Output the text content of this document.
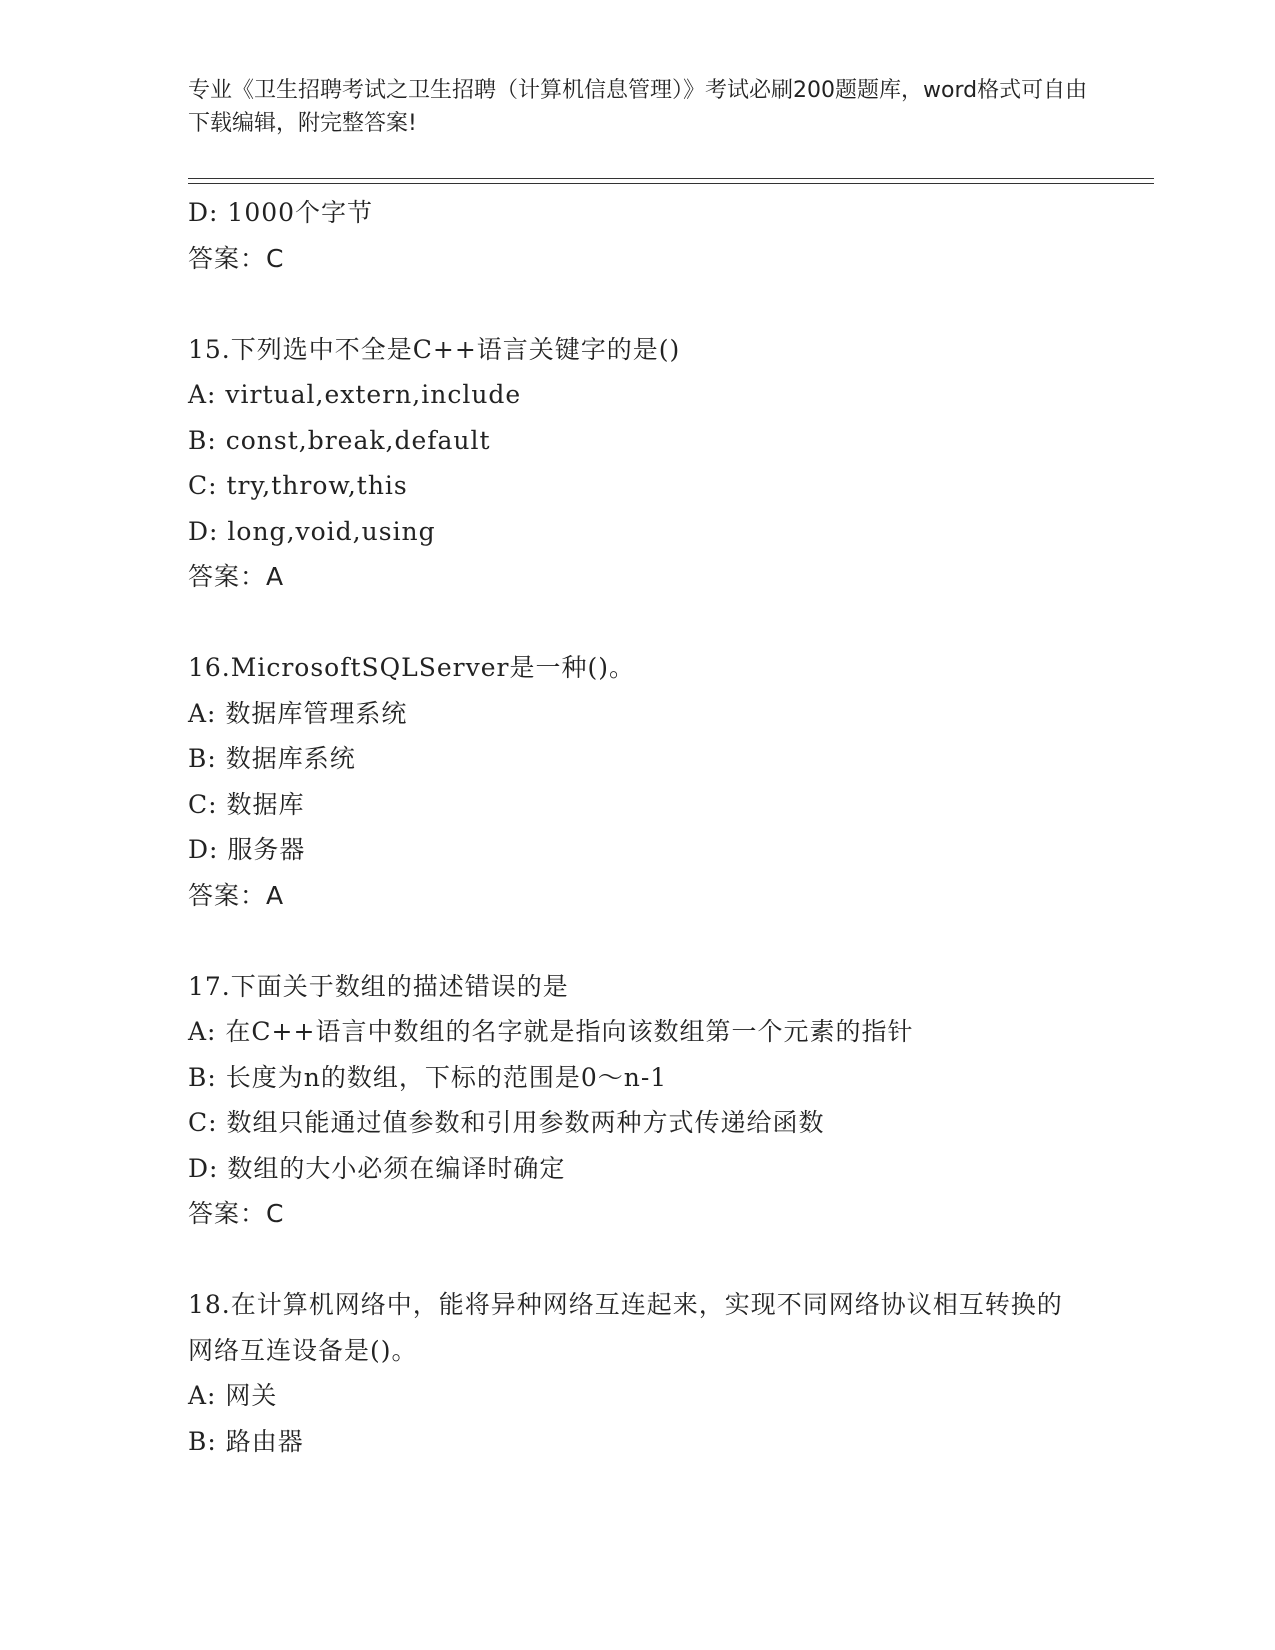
专业《卫生招聘考试之卫生招聘（计算机信息管理）》考试必刷200题题库，word格式可自由下载编辑，附完整答案!
D: 1000个字节
答案：C
15.下列选中不全是C++语言关键字的是()
A: virtual,extern,include
B: const,break,default
C: try,throw,this
D: long,void,using
答案：A
16.MicrosoftSQLServer是一种()。
A: 数据库管理系统
B: 数据库系统
C: 数据库
D: 服务器
答案：A
17.下面关于数组的描述错误的是
A: 在C++语言中数组的名字就是指向该数组第一个元素的指针
B: 长度为n的数组，下标的范围是0～n-1
C: 数组只能通过值参数和引用参数两种方式传递给函数
D: 数组的大小必须在编译时确定
答案：C
18.在计算机网络中，能将异种网络互连起来，实现不同网络协议相互转换的网络互连设备是()。
A: 网关
B: 路由器
